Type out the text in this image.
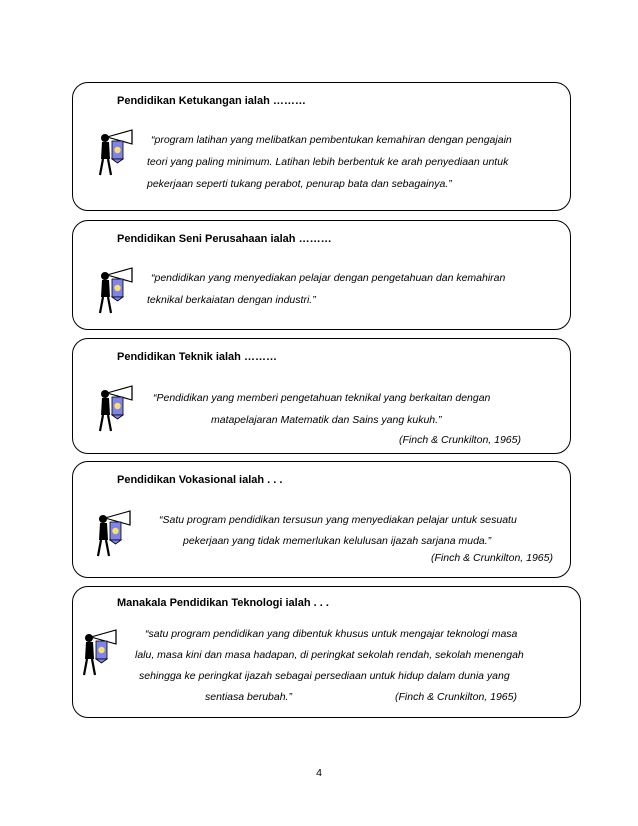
Pendidikan Ketukangan ialah ………
“program latihan yang melibatkan pembentukan kemahiran dengan pengajain
teori yang paling minimum. Latihan lebih berbentuk ke arah penyediaan untuk
pekerjaan seperti tukang perabot, penurap bata dan sebagainya.”
Pendidikan Seni Perusahaan ialah ………
“pendidikan yang menyediakan pelajar dengan pengetahuan dan kemahiran
teknikal berkaiatan dengan industri.”
Pendidikan Teknik ialah ………
“Pendidikan yang memberi pengetahuan teknikal yang berkaitan dengan
matapelajaran Matematik dan Sains yang kukuh.”
(Finch & Crunkilton, 1965)
Pendidikan Vokasional ialah . . .
“Satu program pendidikan tersusun yang menyediakan pelajar untuk sesuatu
pekerjaan yang tidak memerlukan kelulusan ijazah sarjana muda.”
(Finch & Crunkilton, 1965)
Manakala Pendidikan Teknologi ialah . . .
“satu program pendidikan yang dibentuk khusus untuk mengajar teknologi masa
lalu, masa kini dan masa hadapan, di peringkat sekolah rendah, sekolah menengah
sehingga ke peringkat ijazah sebagai persediaan untuk hidup dalam dunia yang
sentiasa berubah.”	(Finch & Crunkilton, 1965)
4
